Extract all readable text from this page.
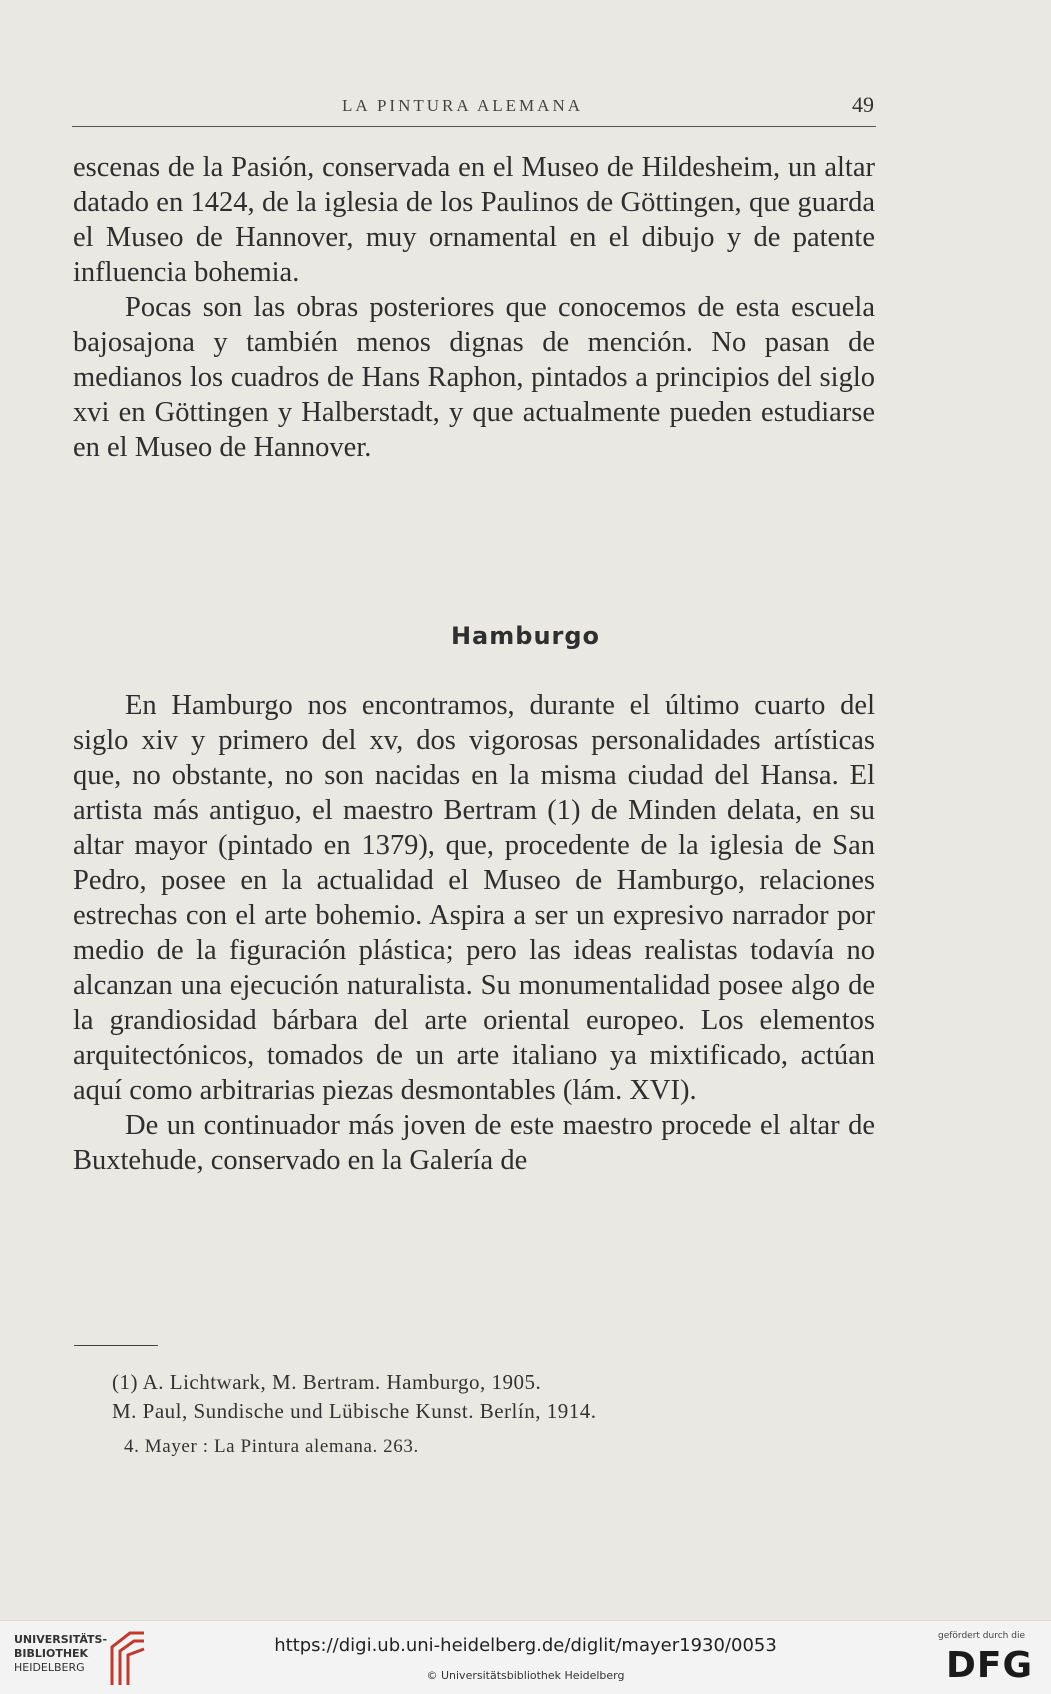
LA PINTURA ALEMANA	49

escenas de la Pasión, conservada en el Museo de Hildesheim, un altar datado en 1424, de la iglesia de los Paulinos de Göttingen, que guarda el Museo de Hannover, muy ornamental en el dibujo y de patente influencia bohemia.

Pocas son las obras posteriores que conocemos de esta escuela bajosajona y también menos dignas de mención. No pasan de medianos los cuadros de Hans Raphon, pintados a principios del siglo xvi en Göttingen y Halberstadt, y que actualmente pueden estudiarse en el Museo de Hannover.

Hamburgo

En Hamburgo nos encontramos, durante el último cuarto del siglo xiv y primero del xv, dos vigorosas personalidades artísticas que, no obstante, no son nacidas en la misma ciudad del Hansa. El artista más antiguo, el maestro Bertram (1) de Minden delata, en su altar mayor (pintado en 1379), que, procedente de la iglesia de San Pedro, posee en la actualidad el Museo de Hamburgo, relaciones estrechas con el arte bohemio. Aspira a ser un expresivo narrador por medio de la figuración plástica; pero las ideas realistas todavía no alcanzan una ejecución naturalista. Su monumentalidad posee algo de la grandiosidad bárbara del arte oriental europeo. Los elementos arquitectónicos, tomados de un arte italiano ya mixtificado, actúan aquí como arbitrarias piezas desmontables (lám. XVI).

De un continuador más joven de este maestro procede el altar de Buxtehude, conservado en la Galería de

(1) A. Lichtwark, M. Bertram. Hamburgo, 1905.
M. Paul, Sundische und Lübische Kunst. Berlín, 1914.
4. Mayer : La Pintura alemana. 263.
UNIVERSITÄTS-
BIBLIOTHEK
HEIDELBERG
https://digi.ub.uni-heidelberg.de/diglit/mayer1930/0053
© Universitätsbibliothek Heidelberg
gefördert durch die
DFG
